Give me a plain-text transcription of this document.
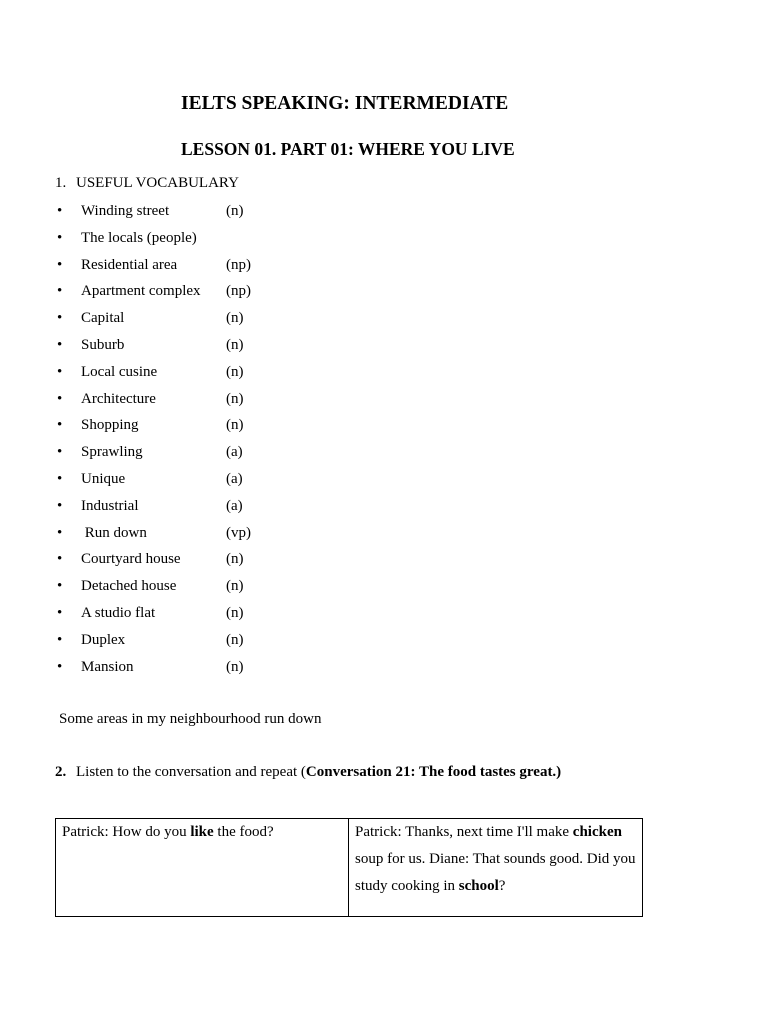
IELTS SPEAKING: INTERMEDIATE
LESSON 01. PART 01: WHERE YOU LIVE
1. USEFUL VOCABULARY
• Winding street	(n)
• The locals (people)
• Residential area	(np)
• Apartment complex (np)
• Capital	(n)
• Suburb	(n)
• Local cusine	(n)
• Architecture	(n)
• Shopping	(n)
• Sprawling	(a)
• Unique	(a)
• Industrial	(a)
• Run down	(vp)
• Courtyard house	(n)
• Detached house	(n)
• A studio flat	(n)
• Duplex	(n)
• Mansion	(n)
Some areas in my neighbourhood run down
2. Listen to the conversation and repeat (Conversation 21: The food tastes great.)
Patrick: How do you like the food?	Patrick: Thanks, next time I'll make chicken soup for us. Diane: That sounds good. Did you study cooking in school?
